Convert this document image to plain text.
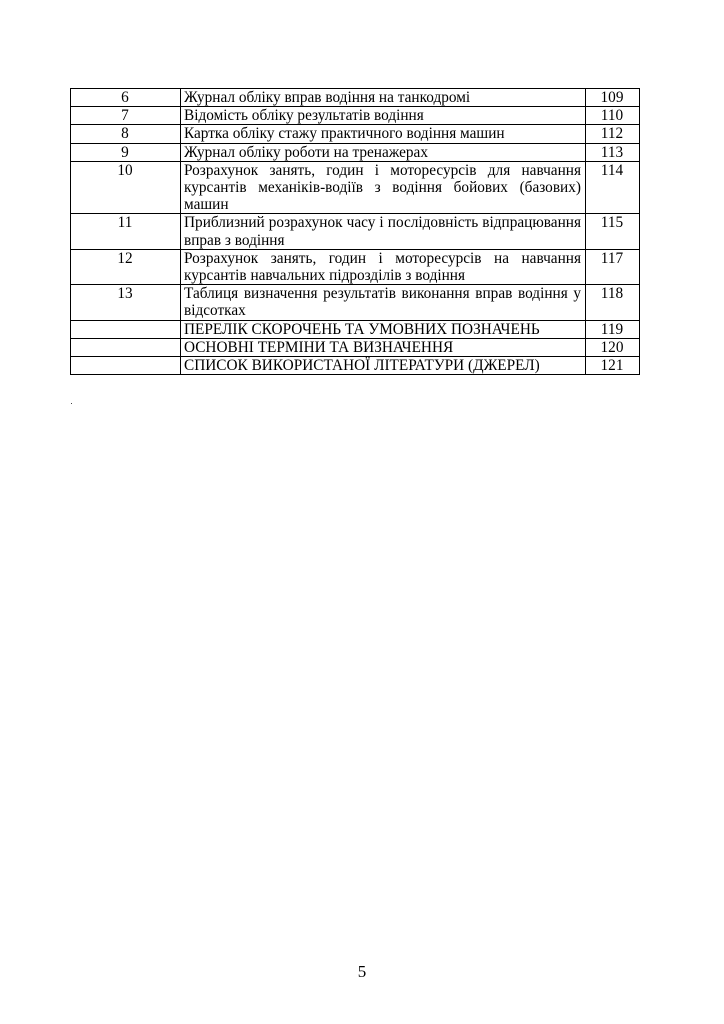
6	Журнал обліку вправ водіння на танкодромі	109
7	Відомість обліку результатів водіння	110
8	Картка обліку стажу практичного водіння машин	112
9	Журнал обліку роботи на тренажерах	113
10	Розрахунок занять, годин і моторесурсів для навчання курсантів механіків-водіїв з водіння бойових (базових) машин	114
11	Приблизний розрахунок часу і послідовність відпрацювання вправ з водіння	115
12	Розрахунок занять, годин і моторесурсів на навчання курсантів навчальних підрозділів з водіння	117
13	Таблиця визначення результатів виконання вправ водіння у відсотках	118
	ПЕРЕЛІК СКОРОЧЕНЬ ТА УМОВНИХ ПОЗНАЧЕНЬ	119
	ОСНОВНІ ТЕРМІНИ ТА ВИЗНАЧЕННЯ	120
	СПИСОК ВИКОРИСТАНОЇ ЛІТЕРАТУРИ (ДЖЕРЕЛ)	121
5
